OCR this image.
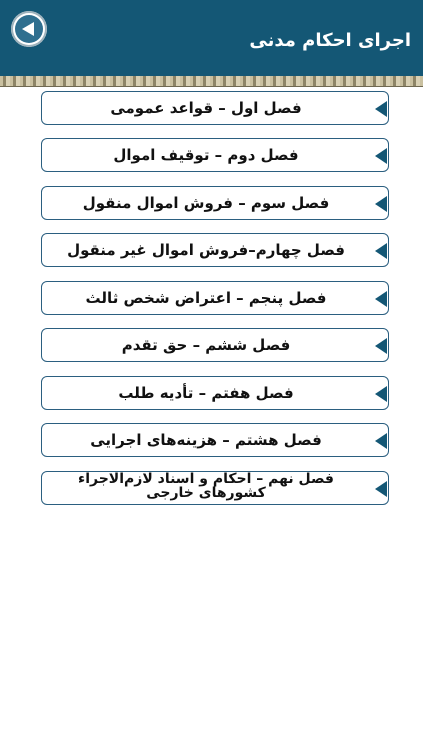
اجرای احکام مدنی
فصل اول – قواعد عمومی
فصل دوم – توقیف اموال
فصل سوم – فروش اموال منقول
فصل چهارم–فروش اموال غیر منقول
فصل پنجم – اعتراض شخص ثالث
فصل ششم – حق تقدم
فصل هفتم – تأدیه طلب
فصل هشتم – هزینه‌های اجرایی
فصل نهم – احکام و اسناد لازم‌الاجراء کشورهای خارجی
